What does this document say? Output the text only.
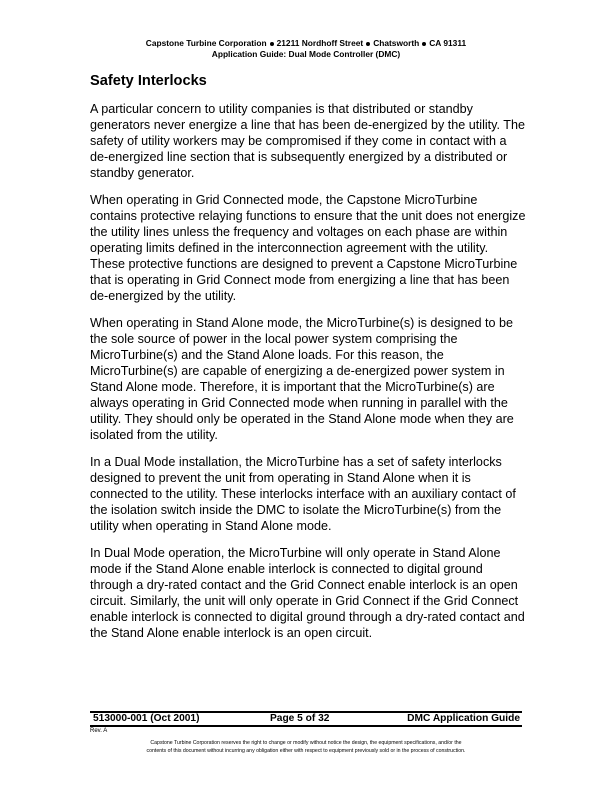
Capstone Turbine Corporation 21211 Nordhoff Street Chatsworth CA 91311
Application Guide: Dual Mode Controller (DMC)
Safety Interlocks

A particular concern to utility companies is that distributed or standby generators never energize a line that has been de-energized by the utility. The safety of utility workers may be compromised if they come in contact with a de-energized line section that is subsequently energized by a distributed or standby generator.

When operating in Grid Connected mode, the Capstone MicroTurbine contains protective relaying functions to ensure that the unit does not energize the utility lines unless the frequency and voltages on each phase are within operating limits defined in the interconnection agreement with the utility. These protective functions are designed to prevent a Capstone MicroTurbine that is operating in Grid Connect mode from energizing a line that has been de-energized by the utility.

When operating in Stand Alone mode, the MicroTurbine(s) is designed to be the sole source of power in the local power system comprising the MicroTurbine(s) and the Stand Alone loads. For this reason, the MicroTurbine(s) are capable of energizing a de-energized power system in Stand Alone mode. Therefore, it is important that the MicroTurbine(s) are always operating in Grid Connected mode when running in parallel with the utility. They should only be operated in the Stand Alone mode when they are isolated from the utility.

In a Dual Mode installation, the MicroTurbine has a set of safety interlocks designed to prevent the unit from operating in Stand Alone when it is connected to the utility. These interlocks interface with an auxiliary contact of the isolation switch inside the DMC to isolate the MicroTurbine(s) from the utility when operating in Stand Alone mode.

In Dual Mode operation, the MicroTurbine will only operate in Stand Alone mode if the Stand Alone enable interlock is connected to digital ground through a dry-rated contact and the Grid Connect enable interlock is an open circuit. Similarly, the unit will only operate in Grid Connect if the Grid Connect enable interlock is connected to digital ground through a dry-rated contact and the Stand Alone enable interlock is an open circuit.

513000-001 (Oct 2001)	Page 5 of 32	DMC Application Guide
Rev. A
Capstone Turbine Corporation reserves the right to change or modify without notice the design, the equipment specifications, and/or the
contents of this document without incurring any obligation either with respect to equipment previously sold or in the process of construction.
